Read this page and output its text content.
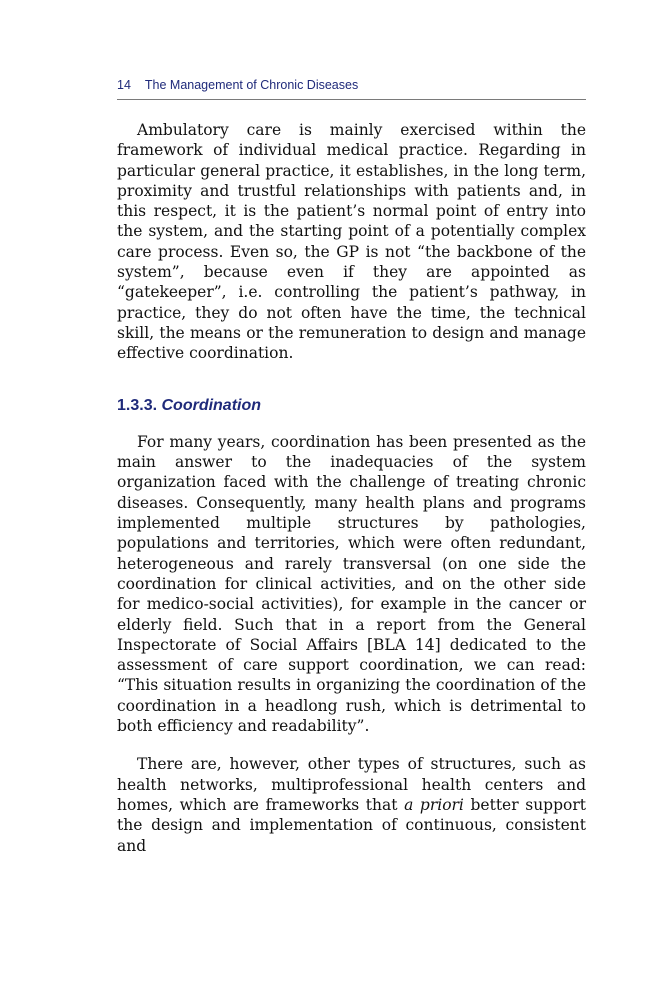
14 The Management of Chronic Diseases

Ambulatory care is mainly exercised within the framework of individual medical practice. Regarding in particular general practice, it establishes, in the long term, proximity and trustful relationships with patients and, in this respect, it is the patient’s normal point of entry into the system, and the starting point of a potentially complex care process. Even so, the GP is not “the backbone of the system”, because even if they are appointed as “gatekeeper”, i.e. controlling the patient’s pathway, in practice, they do not often have the time, the technical skill, the means or the remuneration to design and manage effective coordination.

1.3.3. Coordination

For many years, coordination has been presented as the main answer to the inadequacies of the system organization faced with the challenge of treating chronic diseases. Consequently, many health plans and programs implemented multiple structures by pathologies, populations and territories, which were often redundant, heterogeneous and rarely transversal (on one side the coordination for clinical activities, and on the other side for medico-social activities), for example in the cancer or elderly field. Such that in a report from the General Inspectorate of Social Affairs [BLA 14] dedicated to the assessment of care support coordination, we can read: “This situation results in organizing the coordination of the coordination in a headlong rush, which is detrimental to both efficiency and readability”.

There are, however, other types of structures, such as health networks, multiprofessional health centers and homes, which are frameworks that a priori better support the design and implementation of continuous, consistent and
